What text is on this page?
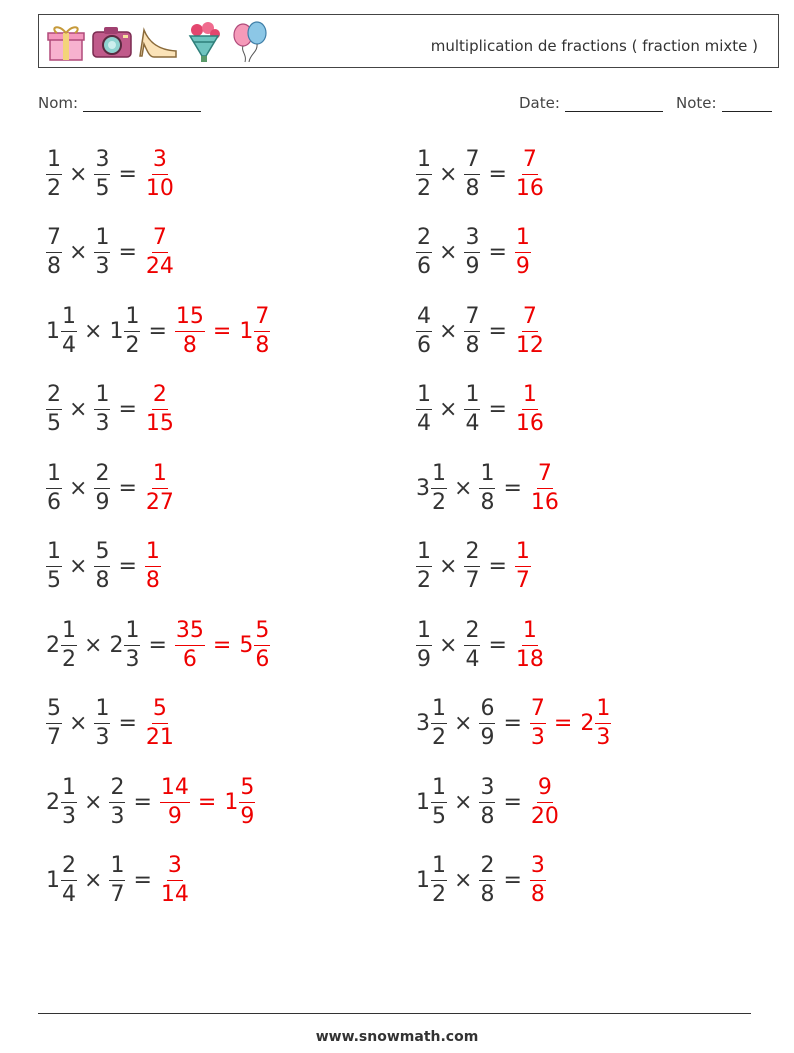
multiplication de fractions ( fraction mixte )
Nom:	Date:	Note:
$\frac{1}{2} \times \frac{3}{5} = \frac{3}{10}$	$\frac{1}{2} \times \frac{7}{8} = \frac{7}{16}$
$\frac{7}{8} \times \frac{1}{3} = \frac{7}{24}$	$\frac{2}{6} \times \frac{3}{9} = \frac{1}{9}$
$1 \frac{1}{4} \times 1 \frac{1}{2} = \frac{15}{8} = 1 \frac{7}{8}$	$\frac{4}{6} \times \frac{7}{8} = \frac{7}{12}$
$\frac{2}{5} \times \frac{1}{3} = \frac{2}{15}$	$\frac{1}{4} \times \frac{1}{4} = \frac{1}{16}$
$\frac{1}{6} \times \frac{2}{9} = \frac{1}{27}$	$3 \frac{1}{2} \times \frac{1}{8} = \frac{7}{16}$
$\frac{1}{5} \times \frac{5}{8} = \frac{1}{8}$	$\frac{1}{2} \times \frac{2}{7} = \frac{1}{7}$
$2 \frac{1}{2} \times 2 \frac{1}{3} = \frac{35}{6} = 5 \frac{5}{6}$	$\frac{1}{9} \times \frac{2}{4} = \frac{1}{18}$
$\frac{5}{7} \times \frac{1}{3} = \frac{5}{21}$	$3 \frac{1}{2} \times \frac{6}{9} = \frac{7}{3} = 2 \frac{1}{3}$
$2 \frac{1}{3} \times \frac{2}{3} = \frac{14}{9} = 1 \frac{5}{9}$	$1 \frac{1}{5} \times \frac{3}{8} = \frac{9}{20}$
$1 \frac{2}{4} \times \frac{1}{7} = \frac{3}{14}$	$1 \frac{1}{2} \times \frac{2}{8} = \frac{3}{8}$
www.snowmath.com
